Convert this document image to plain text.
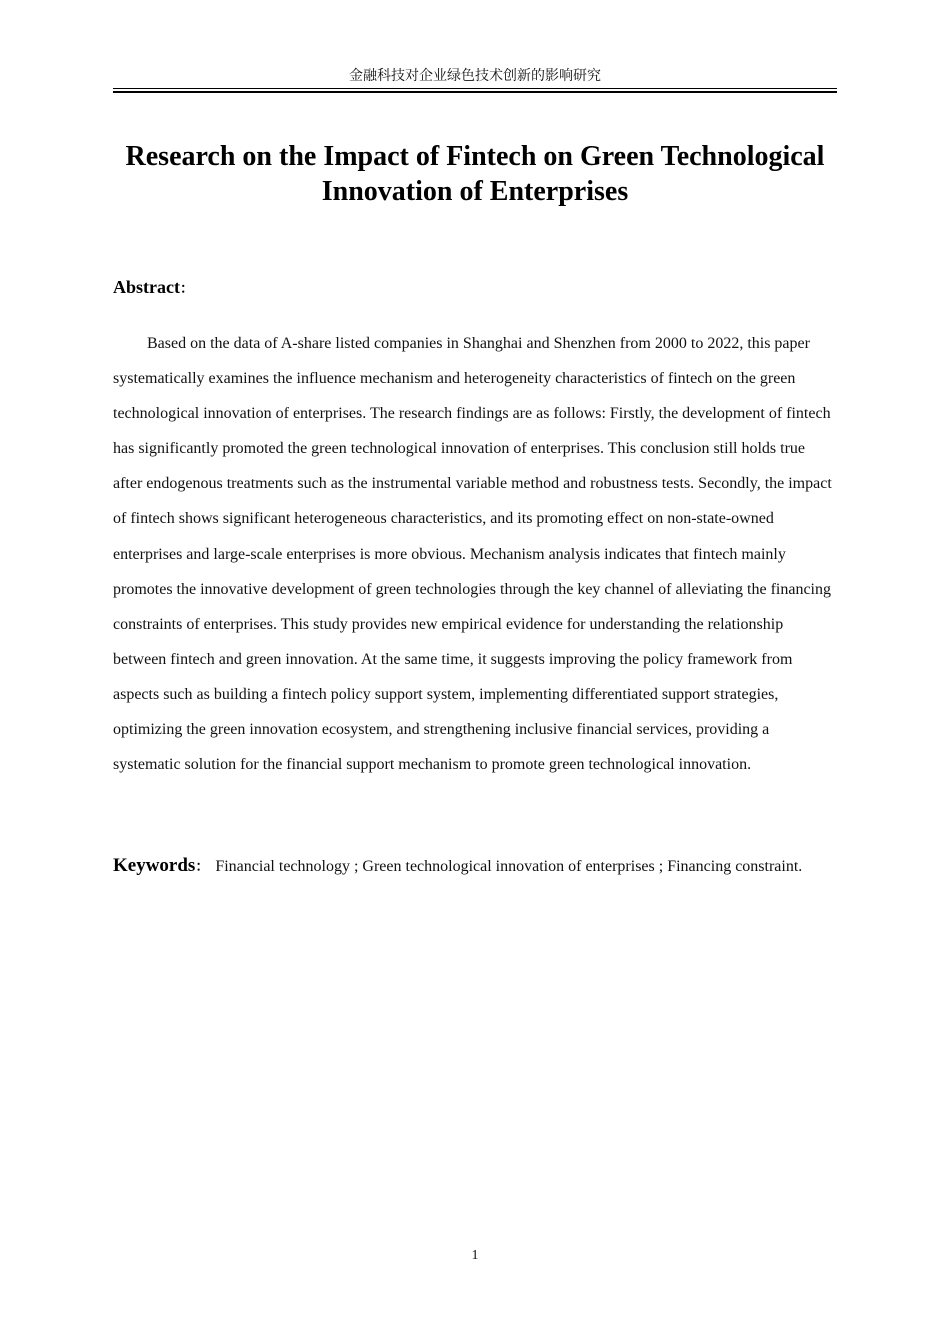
金融科技对企业绿色技术创新的影响研究
Research on the Impact of Fintech on Green Technological Innovation of Enterprises
Abstract：

Based on the data of A-share listed companies in Shanghai and Shenzhen from 2000 to 2022, this paper systematically examines the influence mechanism and heterogeneity characteristics of fintech on the green technological innovation of enterprises. The research findings are as follows: Firstly, the development of fintech has significantly promoted the green technological innovation of enterprises. This conclusion still holds true after endogenous treatments such as the instrumental variable method and robustness tests. Secondly, the impact of fintech shows significant heterogeneous characteristics, and its promoting effect on non-state-owned enterprises and large-scale enterprises is more obvious. Mechanism analysis indicates that fintech mainly promotes the innovative development of green technologies through the key channel of alleviating the financing constraints of enterprises. This study provides new empirical evidence for understanding the relationship between fintech and green innovation. At the same time, it suggests improving the policy framework from aspects such as building a fintech policy support system, implementing differentiated support strategies, optimizing the green innovation ecosystem, and strengthening inclusive financial services, providing a systematic solution for the financial support mechanism to promote green technological innovation.

Keywords： Financial technology ; Green technological innovation of enterprises ; Financing constraint.

1
